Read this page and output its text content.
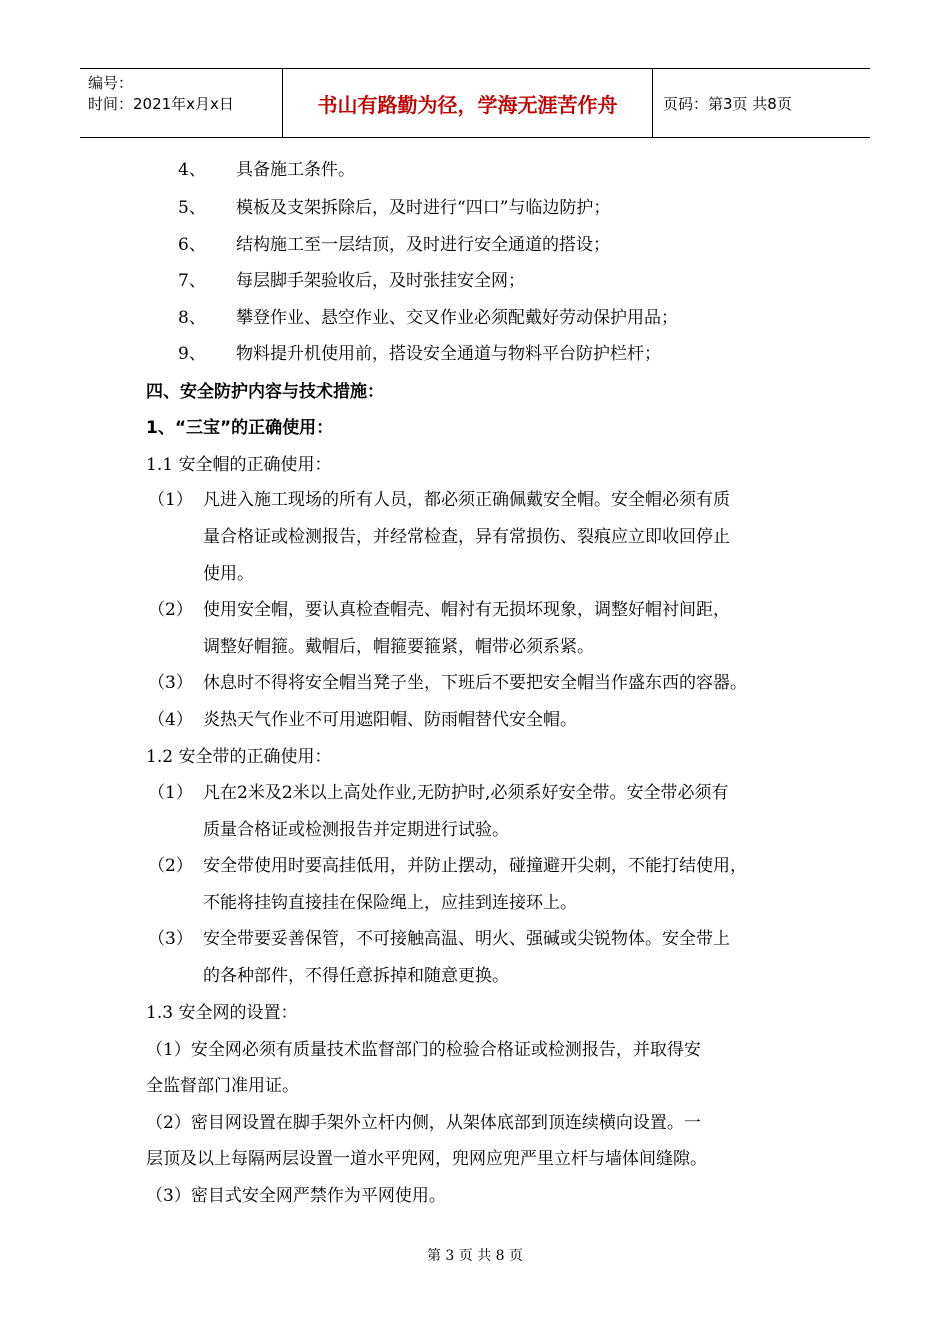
编号：
时间：2021年x月x日	书山有路勤为径，学海无涯苦作舟	页码：第3页 共8页
4、 具备施工条件。
5、 模板及支架拆除后，及时进行“四口”与临边防护；
6、 结构施工至一层结顶，及时进行安全通道的搭设；
7、 每层脚手架验收后，及时张挂安全网；
8、 攀登作业、悬空作业、交叉作业必须配戴好劳动保护用品；
9、 物料提升机使用前，搭设安全通道与物料平台防护栏杆；
四、安全防护内容与技术措施：
1、“三宝”的正确使用：
1.1 安全帽的正确使用：
（1） 凡进入施工现场的所有人员，都必须正确佩戴安全帽。安全帽必须有质
量合格证或检测报告，并经常检查，异有常损伤、裂痕应立即收回停止
使用。
（2） 使用安全帽，要认真检查帽壳、帽衬有无损坏现象，调整好帽衬间距，
调整好帽箍。戴帽后，帽箍要箍紧，帽带必须系紧。
（3） 休息时不得将安全帽当凳子坐，下班后不要把安全帽当作盛东西的容器。
（4） 炎热天气作业不可用遮阳帽、防雨帽替代安全帽。
1.2 安全带的正确使用：
（1） 凡在2米及2米以上高处作业,无防护时,必须系好安全带。安全带必须有
质量合格证或检测报告并定期进行试验。
（2） 安全带使用时要高挂低用，并防止摆动，碰撞避开尖刺，不能打结使用，
不能将挂钩直接挂在保险绳上，应挂到连接环上。
（3） 安全带要妥善保管，不可接触高温、明火、强碱或尖锐物体。安全带上
的各种部件，不得任意拆掉和随意更换。
1.3 安全网的设置：
（1）安全网必须有质量技术监督部门的检验合格证或检测报告，并取得安
全监督部门准用证。
（2）密目网设置在脚手架外立杆内侧，从架体底部到顶连续横向设置。一
层顶及以上每隔两层设置一道水平兜网，兜网应兜严里立杆与墙体间缝隙。
（3）密目式安全网严禁作为平网使用。
第 3 页 共 8 页
